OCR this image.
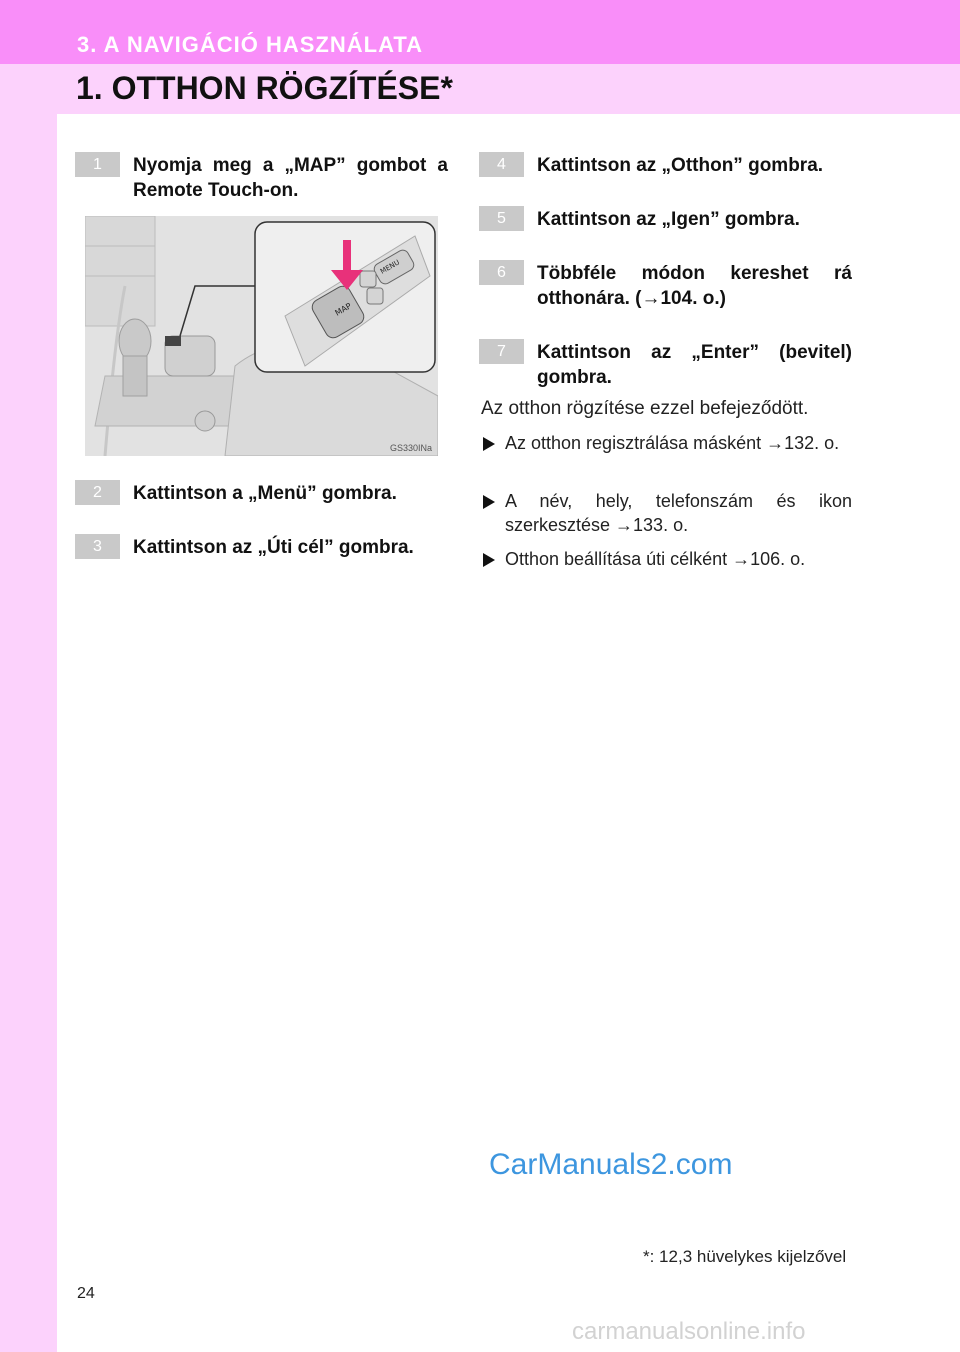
3. A NAVIGÁCIÓ HASZNÁLATA
1. OTTHON RÖGZÍTÉSE*
1	Nyomja meg a „MAP” gombot a Remote Touch-on.
MAP
MENU
GS330INa
2	Kattintson a „Menü” gombra.
3	Kattintson az „Úti cél” gombra.
4	Kattintson az „Otthon” gombra.
5	Kattintson az „Igen” gombra.
6	Többféle módon kereshet rá otthonára. (→104. o.)
7	Kattintson az „Enter” (bevitel) gombra.
Az otthon rögzítése ezzel befejeződött.
Az otthon regisztrálása másként →132. o.
A név, hely, telefonszám és ikon szerkesztése →133. o.
Otthon beállítása úti célként →106. o.
CarManuals2.com
*: 12,3 hüvelykes kijelzővel
24
carmanualsonline.info
